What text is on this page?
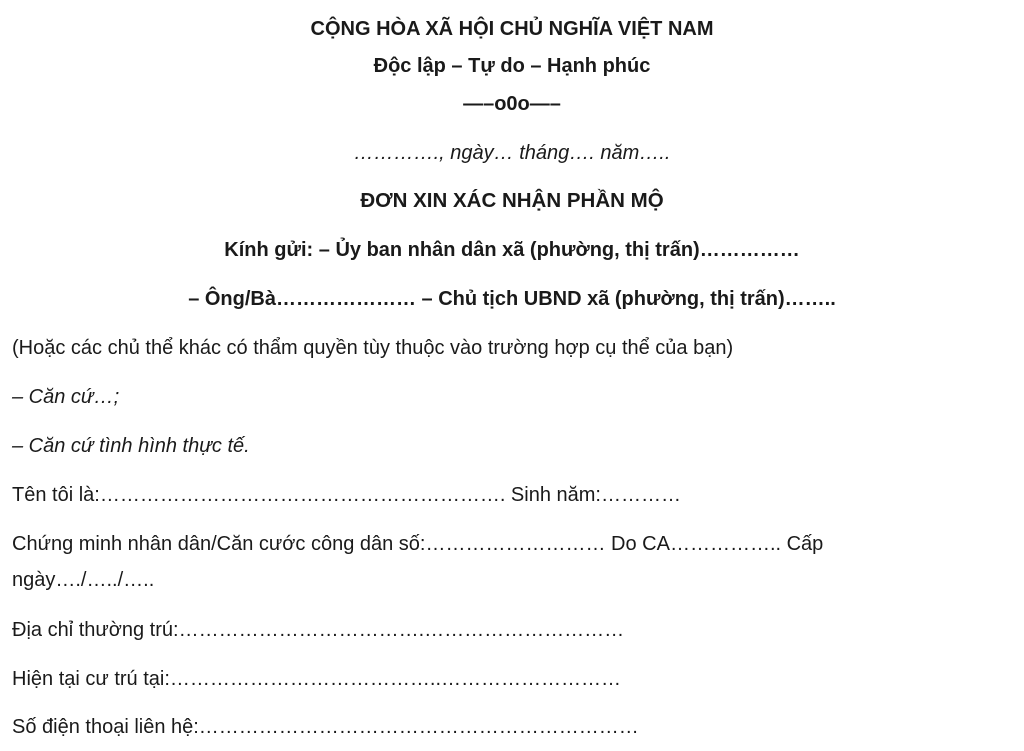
CỘNG HÒA XÃ HỘI CHỦ NGHĨA VIỆT NAM
Độc lập – Tự do – Hạnh phúc
—–o0o—–
…………., ngày… tháng…. năm…..
ĐƠN XIN XÁC NHẬN PHẦN MỘ
Kính gửi: – Ủy ban nhân dân xã (phường, thị trấn)……………
– Ông/Bà………………… – Chủ tịch UBND xã (phường, thị trấn)……..
(Hoặc các chủ thể khác có thẩm quyền tùy thuộc vào trường hợp cụ thể của bạn)
– Căn cứ…;
– Căn cứ tình hình thực tế.
Tên tôi là:……………………………………………………. Sinh năm:…………
Chứng minh nhân dân/Căn cước công dân số:……………………… Do CA…………….. Cấp
ngày…./…../…..
Địa chỉ thường trú:……………………………….…………………………
Hiện tại cư trú tại:…………………………………..………………………
Số điện thoại liên hệ:…………………………………………………………
